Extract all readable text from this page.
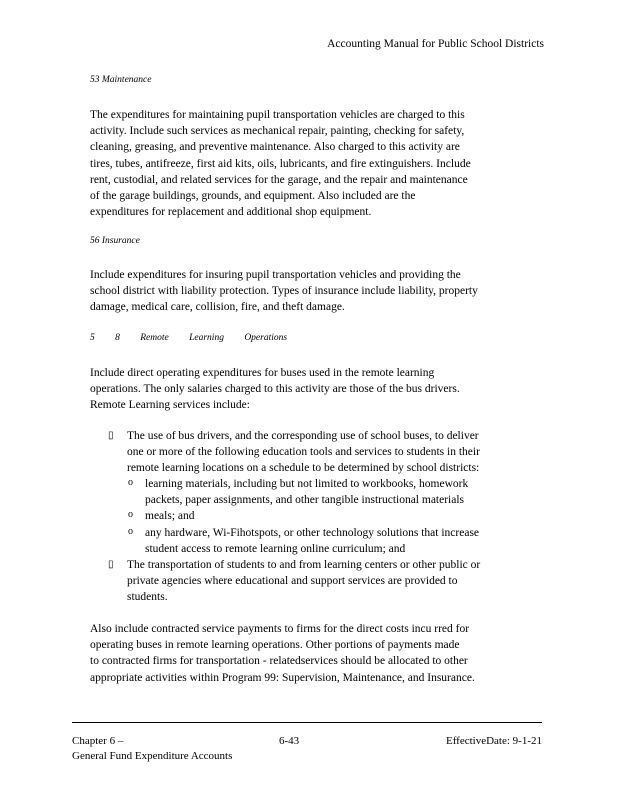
Accounting Manual for Public School Districts
53 Maintenance
The expenditures for maintaining pupil transportation vehicles are charged to this
activity. Include such services as mechanical repair, painting, checking for safety,
cleaning, greasing, and preventive maintenance. Also charged to this activity are
tires, tubes, antifreeze, first aid kits, oils, lubricants, and fire extinguishers. Include
rent, custodial, and related services for the garage, and the repair and maintenance
of the garage buildings, grounds, and equipment. Also included are the
expenditures for replacement and additional shop equipment.
56 Insurance
Include expenditures for insuring pupil transportation vehicles and providing the
school district with liability protection. Types of insurance include liability, property
damage, medical care, collision, fire, and theft damage.
5 8 Remote Learning Operations
Include direct operating expenditures for buses used in the remote learning
operations. The only salaries charged to this activity are those of the bus drivers.
Remote Learning services include:
▯ The use of bus drivers, and the corresponding use of school buses, to deliver
one or more of the following education tools and services to students in their
remote learning locations on a schedule to be determined by school districts:
o learning materials, including but not limited to workbooks, homework
packets, paper assignments, and other tangible instructional materials
o meals; and
o any hardware, Wi-Fihotspots, or other technology solutions that increase
student access to remote learning online curriculum; and
▯ The transportation of students to and from learning centers or other public or
private agencies where educational and support services are provided to
students.
Also include contracted service payments to firms for the direct costs incu rred for
operating buses in remote learning operations. Other portions of payments made
to contracted firms for transportation - relatedservices should be allocated to other
appropriate activities within Program 99: Supervision, Maintenance, and Insurance.
Chapter 6 –
General Fund Expenditure Accounts
6-43	EffectiveDate: 9-1-21
